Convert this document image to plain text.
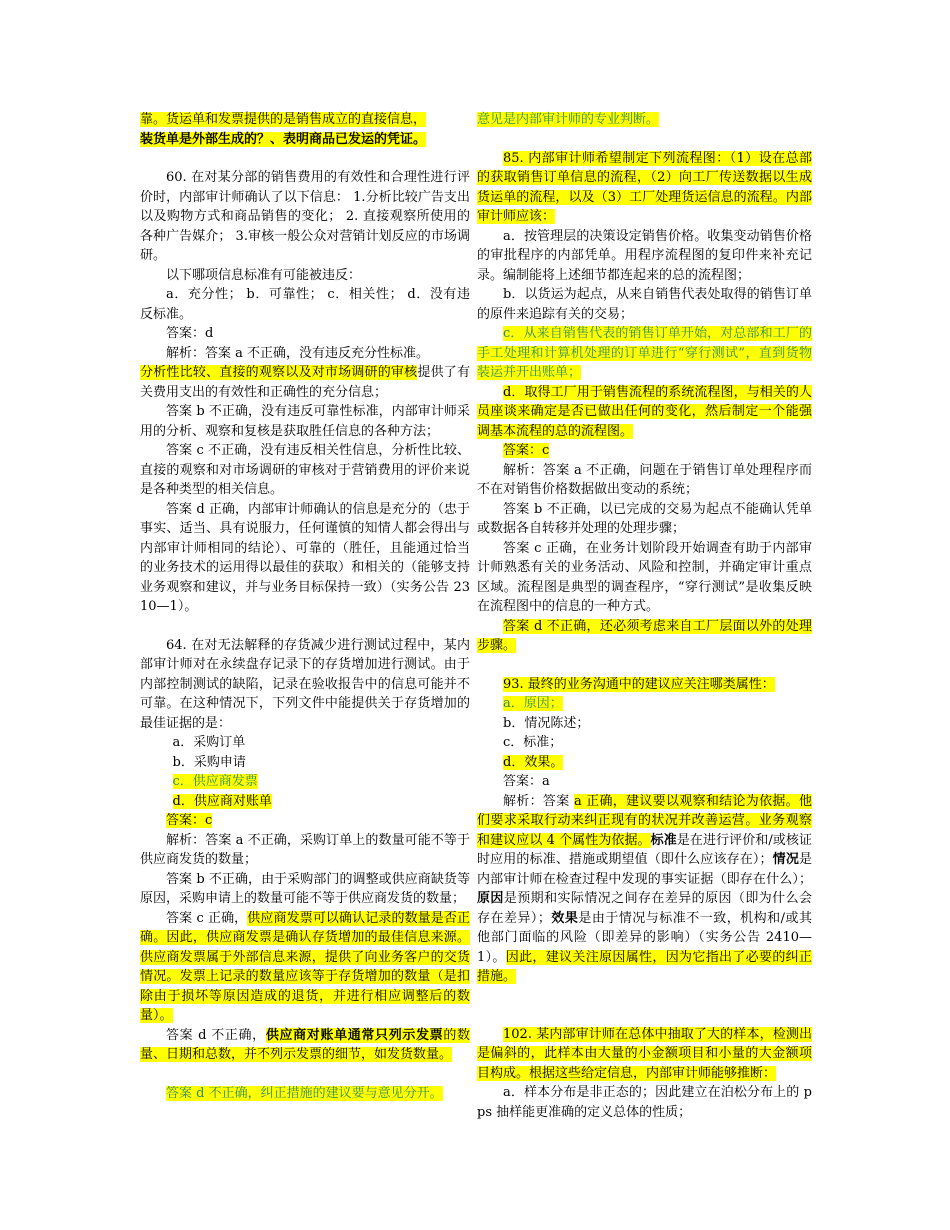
靠。货运单和发票提供的是销售成立的直接信息，
装货单是外部生成的？、表明商品已发运的凭证。

60. 在对某分部的销售费用的有效性和合理性进行评价时，内部审计师确认了以下信息： 1.分析比较广告支出以及购物方式和商品销售的变化； 2. 直接观察所使用的各种广告媒介； 3.审核一般公众对营销计划反应的市场调研。

以下哪项信息标准有可能被违反：

a．充分性； b．可靠性； c．相关性； d．没有违反标准。

答案：d

解析：答案 a 不正确，没有违反充分性标准。

分析性比较、直接的观察以及对市场调研的审核提供了有关费用支出的有效性和正确性的充分信息；

答案 b 不正确，没有违反可靠性标准，内部审计师采用的分析、观察和复核是获取胜任信息的各种方法；

答案 c 不正确，没有违反相关性信息，分析性比较、直接的观察和对市场调研的审核对于营销费用的评价来说是各种类型的相关信息。

答案 d 正确，内部审计师确认的信息是充分的（忠于事实、适当、具有说服力，任何谨慎的知情人都会得出与内部审计师相同的结论）、可靠的（胜任，且能通过恰当的业务技术的运用得以最佳的获取）和相关的（能够支持业务观察和建议，并与业务目标保持一致）（实务公告 2310—1）。

64. 在对无法解释的存货减少进行测试过程中，某内部审计师对在永续盘存记录下的存货增加进行测试。由于内部控制测试的缺陷，记录在验收报告中的信息可能并不可靠。在这种情况下，下列文件中能提供关于存货增加的最佳证据的是：

a．采购订单

b．采购申请

c．供应商发票

d．供应商对账单

答案：c

解析：答案 a 不正确，采购订单上的数量可能不等于供应商发货的数量；

答案 b 不正确，由于采购部门的调整或供应商缺货等原因，采购申请上的数量可能不等于供应商发货的数量；

答案 c 正确，供应商发票可以确认记录的数量是否正确。因此，供应商发票是确认存货增加的最佳信息来源。供应商发票属于外部信息来源，提供了向业务客户的交货情况。发票上记录的数量应该等于存货增加的数量（是扣除由于损坏等原因造成的退货，并进行相应调整后的数量）。

答案 d 不正确，供应商对账单通常只列示发票的数量、日期和总数，并不列示发票的细节，如发货数量。

答案 d 不正确，纠正措施的建议要与意见分开。

意见是内部审计师的专业判断。

85. 内部审计师希望制定下列流程图：（1）设在总部的获取销售订单信息的流程，（2）向工厂传送数据以生成货运单的流程，以及（3）工厂处理货运信息的流程。内部审计师应该：

a．按管理层的决策设定销售价格。收集变动销售价格的审批程序的内部凭单。用程序流程图的复印件来补充记录。编制能将上述细节都连起来的总的流程图；

b．以货运为起点，从来自销售代表处取得的销售订单的原件来追踪有关的交易；

c．从来自销售代表的销售订单开始，对总部和工厂的手工处理和计算机处理的订单进行“穿行测试”，直到货物装运并开出账单；

d．取得工厂用于销售流程的系统流程图，与相关的人员座谈来确定是否已做出任何的变化，然后制定一个能强调基本流程的总的流程图。

答案：c

解析：答案 a 不正确，问题在于销售订单处理程序而不在对销售价格数据做出变动的系统；

答案 b 不正确，以已完成的交易为起点不能确认凭单或数据各自转移并处理的处理步骤；

答案 c 正确，在业务计划阶段开始调查有助于内部审计师熟悉有关的业务活动、风险和控制，并确定审计重点区域。流程图是典型的调查程序，“穿行测试”是收集反映在流程图中的信息的一种方式。

答案 d 不正确，还必须考虑来自工厂层面以外的处理步骤。

93. 最终的业务沟通中的建议应关注哪类属性：

a．原因；

b．情况陈述；

c．标准；

d．效果。

答案：a

解析：答案 a 正确，建议要以观察和结论为依据。他们要求采取行动来纠正现有的状况并改善运营。业务观察和建议应以 4 个属性为依据。标准是在进行评价和/或核证时应用的标准、措施或期望值（即什么应该存在）；情况是内部审计师在检查过程中发现的事实证据（即存在什么）；原因是预期和实际情况之间存在差异的原因（即为什么会存在差异）；效果是由于情况与标准不一致，机构和/或其他部门面临的风险（即差异的影响）（实务公告 2410—1）。因此，建议关注原因属性，因为它指出了必要的纠正措施。

102. 某内部审计师在总体中抽取了大的样本，检测出是偏斜的，此样本由大量的小金额项目和小量的大金额项目构成。根据这些给定信息，内部审计师能够推断：

a．样本分布是非正态的；因此建立在泊松分布上的 pps 抽样能更准确的定义总体的性质；
